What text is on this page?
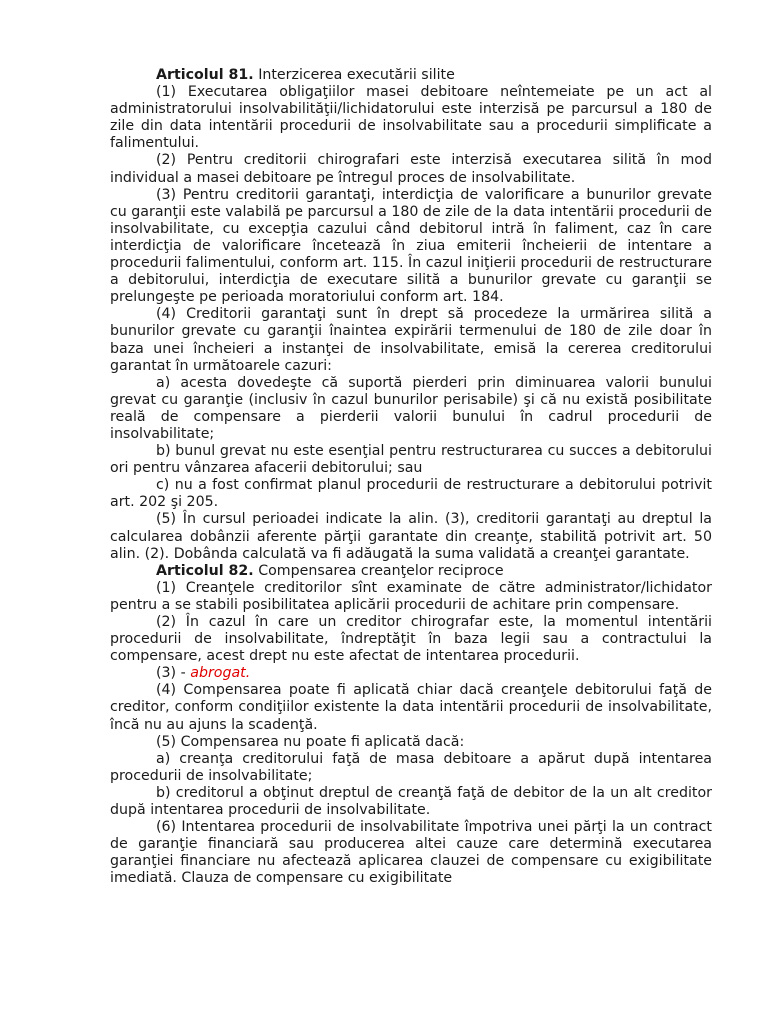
Articolul 81. Interzicerea executării silite

(1) Executarea obligaţiilor masei debitoare neîntemeiate pe un act al administratorului insolvabilităţii/lichidatorului este interzisă pe parcursul a 180 de zile din data intentării procedurii de insolvabilitate sau a procedurii simplificate a falimentului.

(2) Pentru creditorii chirografari este interzisă executarea silită în mod individual a masei debitoare pe întregul proces de insolvabilitate.

(3) Pentru creditorii garantaţi, interdicţia de valorificare a bunurilor grevate cu garanţii este valabilă pe parcursul a 180 de zile de la data intentării procedurii de insolvabilitate, cu excepţia cazului când debitorul intră în faliment, caz în care interdicţia de valorificare încetează în ziua emiterii încheierii de intentare a procedurii falimentului, conform art. 115. În cazul iniţierii procedurii de restructurare a debitorului, interdicţia de executare silită a bunurilor grevate cu garanţii se prelungeşte pe perioada moratoriului conform art. 184.

(4) Creditorii garantaţi sunt în drept să procedeze la urmărirea silită a bunurilor grevate cu garanţii înaintea expirării termenului de 180 de zile doar în baza unei încheieri a instanţei de insolvabilitate, emisă la cererea creditorului garantat în următoarele cazuri:

a) acesta dovedeşte că suportă pierderi prin diminuarea valorii bunului grevat cu garanţie (inclusiv în cazul bunurilor perisabile) şi că nu există posibilitate reală de compensare a pierderii valorii bunului în cadrul procedurii de insolvabilitate;

b) bunul grevat nu este esenţial pentru restructurarea cu succes a debitorului ori pentru vânzarea afacerii debitorului; sau

c) nu a fost confirmat planul procedurii de restructurare a debitorului potrivit art. 202 şi 205.

(5) În cursul perioadei indicate la alin. (3), creditorii garantaţi au dreptul la calcularea dobânzii aferente părţii garantate din creanţe, stabilită potrivit art. 50 alin. (2). Dobânda calculată va fi adăugată la suma validată a creanţei garantate.

Articolul 82. Compensarea creanţelor reciproce

(1) Creanţele creditorilor sînt examinate de către administrator/lichidator pentru a se stabili posibilitatea aplicării procedurii de achitare prin compensare.

(2) În cazul în care un creditor chirografar este, la momentul intentării procedurii de insolvabilitate, îndreptăţit în baza legii sau a contractului la compensare, acest drept nu este afectat de intentarea procedurii.

(3) - abrogat.

(4) Compensarea poate fi aplicată chiar dacă creanţele debitorului faţă de creditor, conform condiţiilor existente la data intentării procedurii de insolvabilitate, încă nu au ajuns la scadenţă.

(5) Compensarea nu poate fi aplicată dacă:

a) creanţa creditorului faţă de masa debitoare a apărut după intentarea procedurii de insolvabilitate;

b) creditorul a obţinut dreptul de creanţă faţă de debitor de la un alt creditor după intentarea procedurii de insolvabilitate.

(6) Intentarea procedurii de insolvabilitate împotriva unei părţi la un contract de garanţie financiară sau producerea altei cauze care determină executarea garanţiei financiare nu afectează aplicarea clauzei de compensare cu exigibilitate imediată. Clauza de compensare cu exigibilitate
